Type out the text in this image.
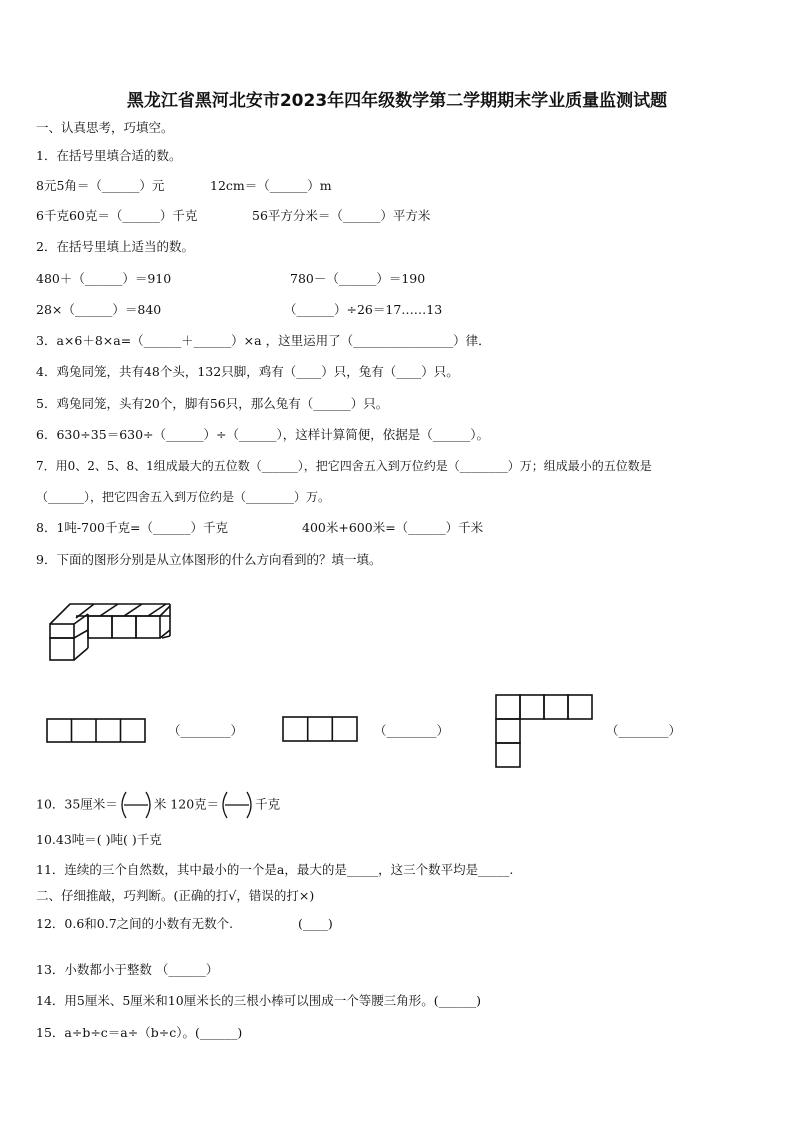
黑龙江省黑河北安市2023年四年级数学第二学期期末学业质量监测试题
一、认真思考，巧填空。
1．在括号里填合适的数。
8元5角＝（______）元	12cm＝（______）m
6千克60克＝（______）千克	56平方分米＝（______）平方米
2．在括号里填上适当的数。
480＋（______）＝910	780－（______）＝190
28×（______）＝840	（______）÷26＝17……13
3．a×6＋8×a=（______＋______）×a ，这里运用了（________________）律．
4．鸡兔同笼，共有48个头，132只脚，鸡有（____）只，兔有（____）只。
5．鸡兔同笼，头有20个，脚有56只，那么兔有（______）只。
6．630÷35＝630÷（______）÷（______），这样计算简便，依据是（______）。
7．用0、2、5、8、1组成最大的五位数（______），把它四舍五入到万位约是（________）万；组成最小的五位数是
（______），把它四舍五入到万位约是（________）万。
8．1吨-700千克=（______）千克	400米+600米=（______）千米
9．下面的图形分别是从立体图形的什么方向看到的？填一填。
（________）	（________）	（________）
10．35厘米＝	米 120克＝	千克
10.43吨＝( )吨( )千克
11．连续的三个自然数，其中最小的一个是a，最大的是_____，这三个数平均是_____.
二、仔细推敲，巧判断。(正确的打√，错误的打×)
12．0.6和0.7之间的小数有无数个.	(____)
13．小数都小于整数 （______）
14．用5厘米、5厘米和10厘米长的三根小棒可以围成一个等腰三角形。(______)
15．a÷b÷c＝a÷（b÷c）。(______)
